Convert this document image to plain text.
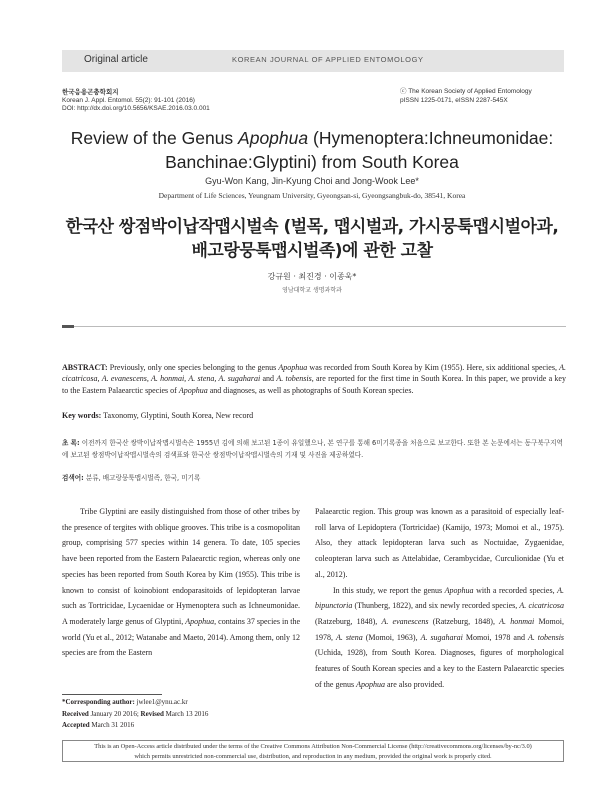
Original article	KOREAN JOURNAL OF APPLIED ENTOMOLOGY
한국응용곤충학회지
Korean J. Appl. Entomol. 55(2): 91-101 (2016)
DOI: http://dx.doi.org/10.5656/KSAE.2016.03.0.001
ⓒ The Korean Society of Applied Entomology
pISSN 1225-0171, eISSN 2287-545X
Review of the Genus Apophua (Hymenoptera:Ichneumonidae:
Banchinae:Glyptini) from South Korea
Gyu-Won Kang, Jin-Kyung Choi and Jong-Wook Lee*
Department of Life Sciences, Yeungnam University, Gyeongsan-si, Gyeongsangbuk-do, 38541, Korea
한국산 쌍점박이납작맵시벌속 (벌목, 맵시벌과, 가시뭉툭맵시벌아과,
배고랑뭉툭맵시벌족)에 관한 고찰
강규원 · 최진경 · 이종욱*
영남대학교 생명과학과
ABSTRACT: Previously, only one species belonging to the genus Apophua was recorded from South Korea by Kim (1955). Here, six additional species, A. cicatricosa, A. evanescens, A. honmai, A. stena, A. sugaharai and A. tobensis, are reported for the first time in South Korea. In this paper, we provide a key to the Eastern Palaearctic species of Apophua and diagnoses, as well as photographs of South Korean species.
Key words: Taxonomy, Glyptini, South Korea, New record
초 록: 이전까지 한국산 쌍박이납작맵시벌속은 1955년 김에 의해 보고된 1종이 유일했으나, 본 연구를 통해 6미기록종을 처음으로 보고한다. 또한 본 논문에서는 동구북구지역에 보고된 쌍점박이납작맵시벌속의 검색표와 한국산 쌍점박이납작맵시벌속의 기재 및 사진을 제공하였다.
검색어: 분류, 배고랑뭉툭맵시벌족, 한국, 미기록
Tribe Glyptini are easily distinguished from those of other tribes by the presence of tergites with oblique grooves. This tribe is a cosmopolitan group, comprising 577 species within 14 genera. To date, 105 species have been reported from the Eastern Palaearctic region, whereas only one species has been reported from South Korea by Kim (1955). This tribe is known to consist of koinobiont endoparasitoids of lepidopteran larvae such as Tortricidae, Lycaenidae or Hymenoptera such as Ichneumonidae. A moderately large genus of Glyptini, Apophua, contains 37 species in the world (Yu et al., 2012; Watanabe and Maeto, 2014). Among them, only 12 species are from the Eastern
Palaearctic region. This group was known as a parasitoid of especially leaf-roll larva of Lepidoptera (Tortricidae) (Kamijo, 1973; Momoi et al., 1975). Also, they attack lepidopteran larva such as Noctuidae, Zygaenidae, coleopteran larva such as Attelabidae, Cerambycidae, Curculionidae (Yu et al., 2012).
In this study, we report the genus Apophua with a recorded species, A. bipunctoria (Thunberg, 1822), and six newly recorded species, A. cicatricosa (Ratzeburg, 1848), A. evanescens (Ratzeburg, 1848), A. honmai Momoi, 1978, A. stena (Momoi, 1963), A. sugaharai Momoi, 1978 and A. tobensis (Uchida, 1928), from South Korea. Diagnoses, figures of morphological features of South Korean species and a key to the Eastern Palaearctic species of the genus Apophua are also provided.
*Corresponding author: jwlee1@ynu.ac.kr
Received January 20 2016; Revised March 13 2016
Accepted March 31 2016
This is an Open-Access article distributed under the terms of the Creative Commons Attribution Non-Commercial License (http://creativecommons.org/licenses/by-nc/3.0)
which permits unrestricted non-commercial use, distribution, and reproduction in any medium, provided the original work is properly cited.
